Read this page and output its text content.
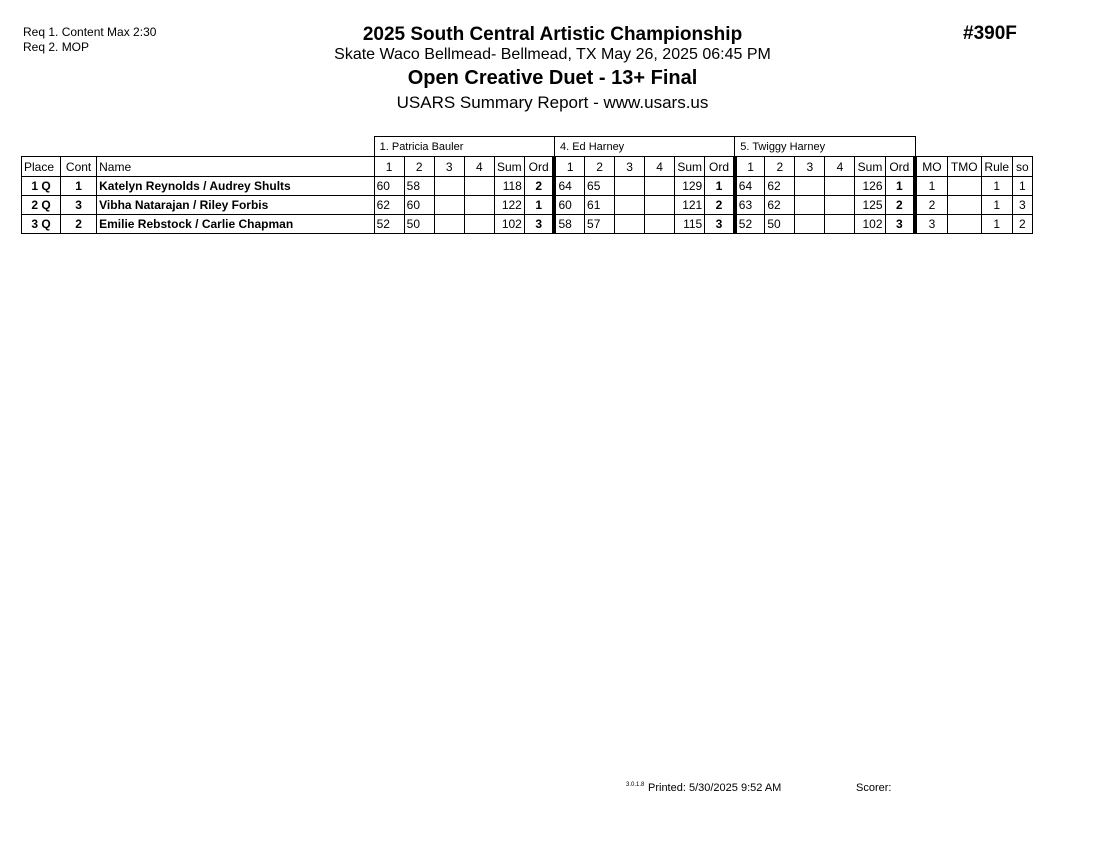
Req 1. Content Max 2:30
Req 2. MOP
#390F
2025 South Central Artistic Championship
Skate Waco Bellmead- Bellmead, TX May 26, 2025 06:45 PM
Open Creative Duet - 13+ Final
USARS Summary Report - www.usars.us
			1. Patricia Bauler						4. Ed Harney						5. Twiggy Harney									
Place	Cont	Name	1	2	3	4	Sum	Ord	1	2	3	4	Sum	Ord	1	2	3	4	Sum	Ord	MO	TMO	Rule	so
1 Q	1	Katelyn Reynolds / Audrey Shults	60	58			118	2	64	65			129	1	64	62			126	1	1		1	1
2 Q	3	Vibha Natarajan / Riley Forbis	62	60			122	1	60	61			121	2	63	62			125	2	2		1	3
3 Q	2	Emilie Rebstock / Carlie Chapman	52	50			102	3	58	57			115	3	52	50			102	3	3		1	2
3.0.1.8 Printed: 5/30/2025 9:52 AM	Scorer:
